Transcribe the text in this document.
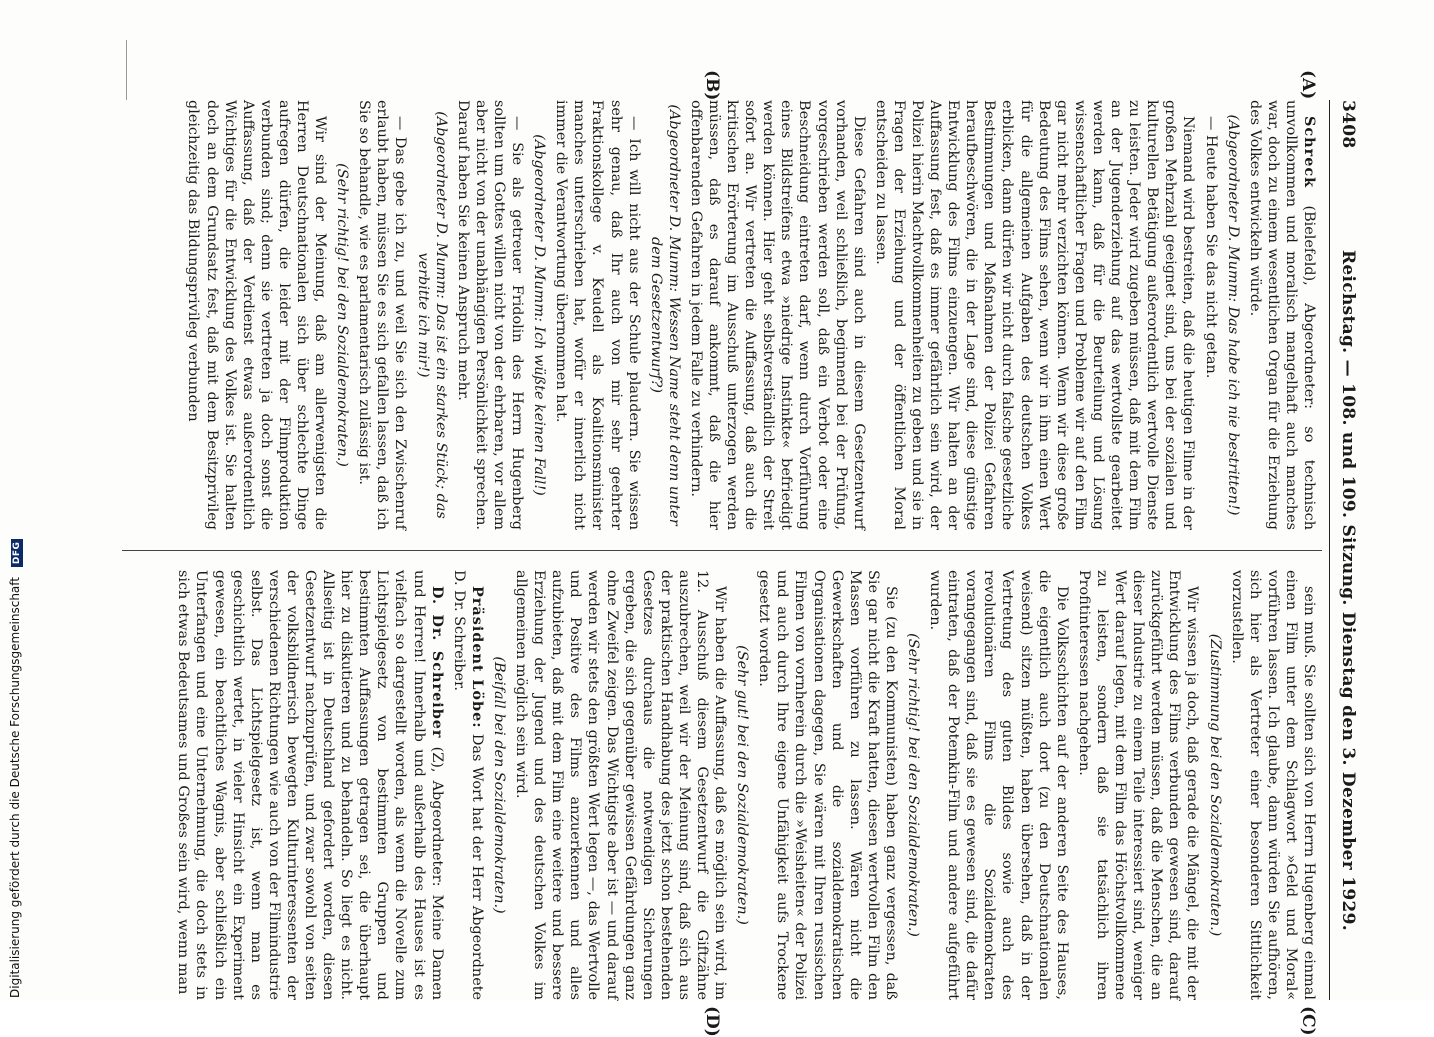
3408
Reichstag. — 108. und 109. Sitzung. Dienstag den 3. Dezember 1929.
(A)
(B)
(C)
(D)

Schreck (Bielefeld), Abgeordneter: so technisch unvollkommen und moralisch mangelhaft auch manches war, doch zu einem wesentlichen Organ für die Erziehung des Volkes entwickeln würde.

(Abgeordneter D. Mumm: Das habe ich nie bestritten!)

— Heute haben Sie das nicht getan.

Niemand wird bestreiten, daß die heutigen Filme in der großen Mehrzahl geeignet sind, uns bei der sozialen und kulturellen Betätigung außerordentlich wertvolle Dienste zu leisten. Jeder wird zugeben müssen, daß mit dem Film an der Jugenderziehung auf das wertvollste gearbeitet werden kann, daß für die Beurteilung und Lösung wissenschaftlicher Fragen und Probleme wir auf den Film gar nicht mehr verzichten können. Wenn wir diese große Bedeutung des Films sehen, wenn wir in ihm einen Wert für die allgemeinen Aufgaben des deutschen Volkes erblicken, dann dürfen wir nicht durch falsche gesetzliche Bestimmungen und Maßnahmen der Polizei Gefahren heraufbeschwören, die in der Lage sind, diese günstige Entwicklung des Films einzuengen. Wir halten an der Auffassung fest, daß es immer gefährlich sein wird, der Polizei hierin Machtvollkommenheiten zu geben und sie in Fragen der Erziehung und der öffentlichen Moral entscheiden zu lassen.

Diese Gefahren sind auch in diesem Gesetzentwurf vorhanden, weil schließlich, beginnend bei der Prüfung, vorgeschrieben werden soll, daß ein Verbot oder eine Beschneidung eintreten darf, wenn durch Vorführung eines Bildstreifens etwa »niedrige Instinkte« befriedigt werden können. Hier geht selbstverständlich der Streit sofort an. Wir vertreten die Auffassung, daß auch die kritischen Erörterung im Ausschuß unterzogen werden müssen, daß es darauf ankommt, daß die hier offenbarenden Gefahren in jedem Falle zu verhindern.

(Abgeordneter D. Mumm: Wessen Name steht denn unter dem Gesetzentwurf?)

— Ich will nicht aus der Schule plaudern. Sie wissen sehr genau, daß Ihr auch von mir sehr geehrter Fraktionskollege v. Keudell als Koalitionsminister manches unterschrieben hat, wofür er innerlich nicht immer die Verantwortung übernommen hat.

(Abgeordneter D. Mumm: Ich wüßte keinen Fall!)

— Sie als getreuer Fridolin des Herrn Hugenberg sollten um Gottes willen nicht von der ehrbaren, vor allem aber nicht von der unabhängigen Persönlichkeit sprechen. Darauf haben Sie keinen Anspruch mehr.

(Abgeordneter D. Mumm: Das ist ein starkes Stück; das verbitte ich mir!)

— Das gebe ich zu, und weil Sie sich den Zwischenruf erlaubt haben, müssen Sie es sich gefallen lassen, daß ich Sie so behandle, wie es parlamentarisch zulässig ist.

(Sehr richtig! bei den Sozialdemokraten.)

Wir sind der Meinung, daß am allerwenigsten die Herren Deutschnationalen sich über schlechte Dinge aufregen dürfen, die leider mit der Filmproduktion verbunden sind; denn sie vertreten ja doch sonst die Auffassung, daß der Verdienst etwas außerordentlich Wichtiges für die Entwicklung des Volkes ist. Sie halten doch an dem Grundsatz fest, daß mit dem Besitzprivileg gleichzeitig das Bildungsprivileg verbunden

sein muß. Sie sollten sich von Herrn Hugenberg einmal einen Film unter dem Schlagwort »Geld und Moral« vorführen lassen. Ich glaube, dann würden Sie aufhören, sich hier als Vertreter einer besonderen Sittlichkeit vorzustellen.

(Zustimmung bei den Sozialdemokraten.)

Wir wissen ja doch, daß gerade die Mängel, die mit der Entwicklung des Films verbunden gewesen sind, darauf zurückgeführt werden müssen, daß die Menschen, die an dieser Industrie zu einem Teile interessiert sind, weniger Wert darauf legen, mit dem Film das Höchstvollkommene zu leisten, sondern daß sie tatsächlich ihren Profitinteressen nachgehen.

Die Volksschichten auf der anderen Seite des Hauses, die eigentlich auch dort (zu den Deutschnationalen weisend) sitzen müßten, haben übersehen, daß in der Vertretung des guten Bildes sowie auch des revolutionären Films die Sozialdemokraten vorangegangen sind, daß sie es gewesen sind, die dafür eintraten, daß der Potemkin-Film und andere aufgeführt wurden.

(Sehr richtig! bei den Sozialdemokraten.)

Sie (zu den Kommunisten) haben ganz vergessen, daß Sie gar nicht die Kraft hatten, diesen wertvollen Film den Massen vorführen zu lassen. Wären nicht die Gewerkschaften und die sozialdemokratischen Organisationen dagegen, Sie wären mit Ihren russischen Filmen von vornherein durch die »Weisheiten« der Polizei und auch durch Ihre eigene Unfähigkeit aufs Trockene gesetzt worden.

(Sehr gut! bei den Sozialdemokraten.)

Wir haben die Auffassung, daß es möglich sein wird, im 12. Ausschuß diesem Gesetzentwurf die Giftzähne auszubrechen, weil wir der Meinung sind, daß sich aus der praktischen Handhabung des jetzt schon bestehenden Gesetzes durchaus die notwendigen Sicherungen ergeben, die sich gegenüber gewissen Gefährdungen ganz ohne Zweifel zeigen. Das Wichtigste aber ist — und darauf werden wir stets den größten Wert legen —, das Wertvolle und Positive des Films anzuerkennen und alles aufzubieten, daß mit dem Film eine weitere und bessere Erziehung der Jugend und des deutschen Volkes im allgemeinen möglich sein wird.

(Beifall bei den Sozialdemokraten.)

Präsident Löbe: Das Wort hat der Herr Abgeordnete D. Dr. Schreiber.

D. Dr. Schreiber (Z), Abgeordneter: Meine Damen und Herren! Innerhalb und außerhalb des Hauses ist es vielfach so dargestellt worden, als wenn die Novelle zum Lichtspielgesetz von bestimmten Gruppen und bestimmten Auffassungen getragen sei, die überhaupt hier zu diskutieren und zu behandeln. So liegt es nicht. Allseitig ist in Deutschland gefordert worden, diesen Gesetzentwurf nachzuprüfen, und zwar sowohl von seiten der volksbildnerisch bewegten Kulturinteressenten der verschiedenen Richtungen wie auch von der Filmindustrie selbst. Das Lichtspielgesetz ist, wenn man es geschichtlich wertet, in vieler Hinsicht ein Experiment gewesen, ein beachtliches Wagnis, aber schließlich ein Unterfangen und eine Unternehmung, die doch stets in sich etwas Bedeutsames und Großes sein wird, wenn man

Digitalisierung gefördert durch die Deutsche Forschungsgemeinschaft DFG
